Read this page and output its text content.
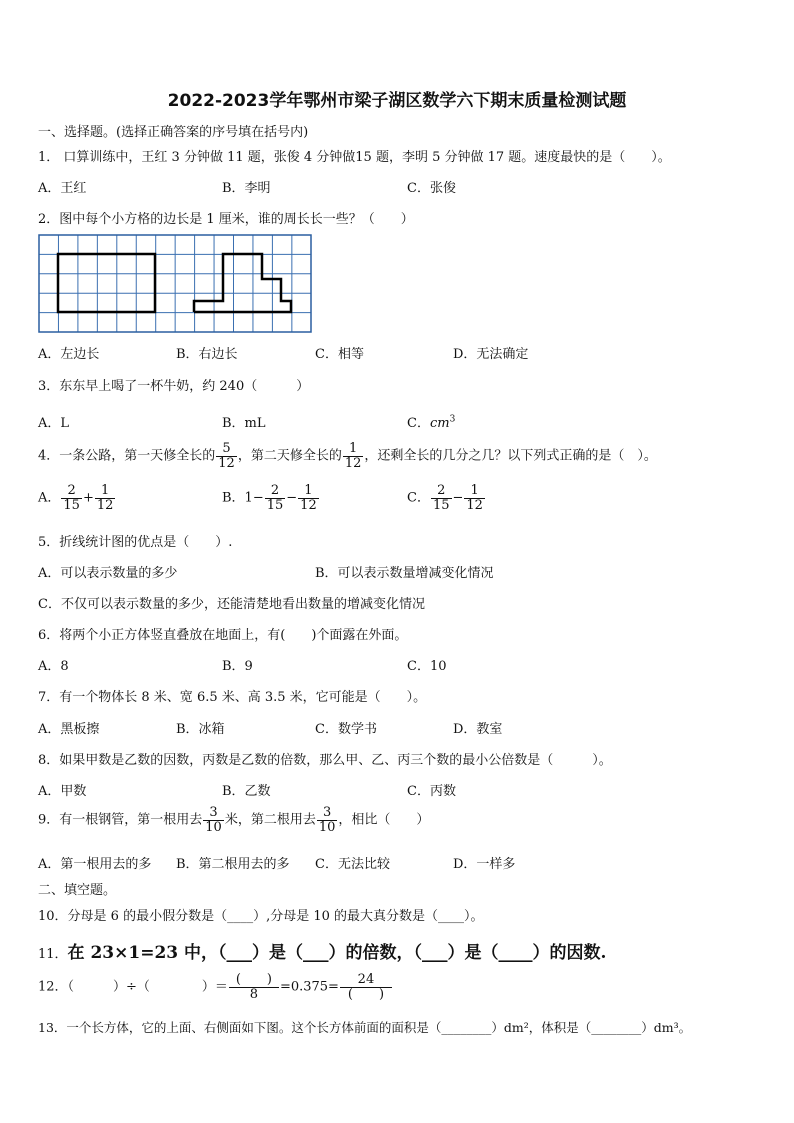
2022-2023学年鄂州市梁子湖区数学六下期末质量检测试题
一、选择题。(选择正确答案的序号填在括号内)
1． 口算训练中，王红 3 分钟做 11 题，张俊 4 分钟做15 题，李明 5 分钟做 17 题。速度最快的是（　　）。
A．王红	B．李明	C．张俊
2．图中每个小方格的边长是 1 厘米，谁的周长长一些？（　　）
A．左边长	B．右边长	C．相等	D．无法确定
3．东东早上喝了一杯牛奶，约 240（　　　）
A．L	B．mL	C．$cm^3$
4．一条公路，第一天修全长的 $\frac{5}{12}$ ，第二天修全长的 $\frac{1}{12}$ ，还剩全长的几分之几？以下列式正确的是（　）。
A． $\frac{2}{15} + \frac{1}{12}$	B．$1- \frac{2}{15} - \frac{1}{12}$	C． $\frac{2}{15} - \frac{1}{12}$
5．折线统计图的优点是（　　）.
A．可以表示数量的多少	B．可以表示数量增减变化情况
C．不仅可以表示数量的多少，还能清楚地看出数量的增减变化情况
6．将两个小正方体竖直叠放在地面上，有(　　)个面露在外面。
A．8	B．9	C．10
7．有一个物体长 8 米、宽 6.5 米、高 3.5 米，它可能是（　　）。
A．黑板擦	B．冰箱	C．数学书	D．教室
8．如果甲数是乙数的因数，丙数是乙数的倍数，那么甲、乙、丙三个数的最小公倍数是（　　　）。
A．甲数	B．乙数	C．丙数
9．有一根钢管，第一根用去 $\frac{3}{10}$ 米，第二根用去 $\frac{3}{10}$ ，相比（　　）
A．第一根用去的多 B．第二根用去的多 C．无法比较	D．一样多
二、填空题。
10．分母是 6 的最小假分数是（____）,分母是 10 的最大真分数是（____）。
11．在 23×1=23 中，（___）是（___）的倍数，（___）是（____）的因数.
12．（　　　）÷（　　　　）＝ $\frac{( )}{8} =0.375= \frac{24}{( )}$
13．一个长方体，它的上面、右侧面如下图。这个长方体前面的面积是（________）dm²，体积是（________）dm³。
